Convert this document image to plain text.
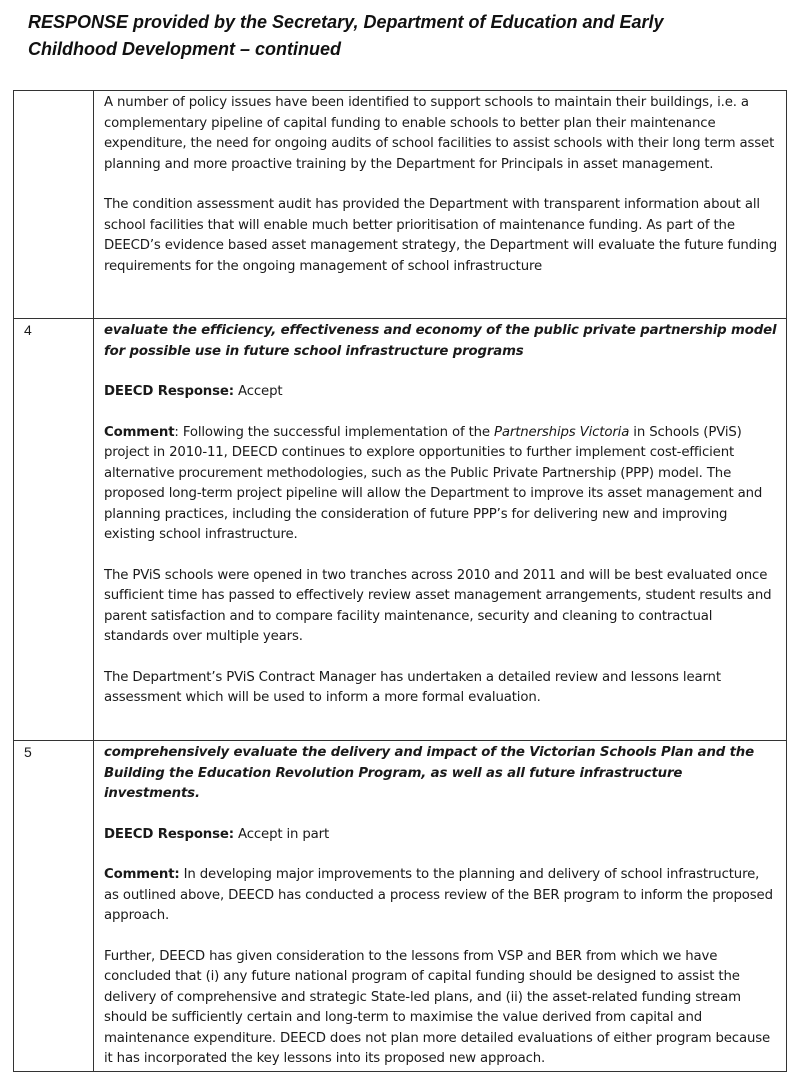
RESPONSE provided by the Secretary, Department of Education and Early
Childhood Development – continued

A number of policy issues have been identified to support schools to maintain their buildings, i.e. a complementary pipeline of capital funding to enable schools to better plan their maintenance expenditure, the need for ongoing audits of school facilities to assist schools with their long term asset planning and more proactive training by the Department for Principals in asset management.

The condition assessment audit has provided the Department with transparent information about all school facilities that will enable much better prioritisation of maintenance funding. As part of the DEECD’s evidence based asset management strategy, the Department will evaluate the future funding requirements for the ongoing management of school infrastructure

4	evaluate the efficiency, effectiveness and economy of the public private partnership model for possible use in future school infrastructure programs

DEECD Response: Accept

Comment: Following the successful implementation of the Partnerships Victoria in Schools (PViS) project in 2010-11, DEECD continues to explore opportunities to further implement cost-efficient alternative procurement methodologies, such as the Public Private Partnership (PPP) model. The proposed long-term project pipeline will allow the Department to improve its asset management and planning practices, including the consideration of future PPP’s for delivering new and improving existing school infrastructure.

The PViS schools were opened in two tranches across 2010 and 2011 and will be best evaluated once sufficient time has passed to effectively review asset management arrangements, student results and parent satisfaction and to compare facility maintenance, security and cleaning to contractual standards over multiple years.

The Department’s PViS Contract Manager has undertaken a detailed review and lessons learnt assessment which will be used to inform a more formal evaluation.

5	comprehensively evaluate the delivery and impact of the Victorian Schools Plan and the Building the Education Revolution Program, as well as all future infrastructure investments.

DEECD Response: Accept in part

Comment: In developing major improvements to the planning and delivery of school infrastructure, as outlined above, DEECD has conducted a process review of the BER program to inform the proposed approach.

Further, DEECD has given consideration to the lessons from VSP and BER from which we have concluded that (i) any future national program of capital funding should be designed to assist the delivery of comprehensive and strategic State-led plans, and (ii) the asset-related funding stream should be sufficiently certain and long-term to maximise the value derived from capital and maintenance expenditure. DEECD does not plan more detailed evaluations of either program because it has incorporated the key lessons into its proposed new approach.
